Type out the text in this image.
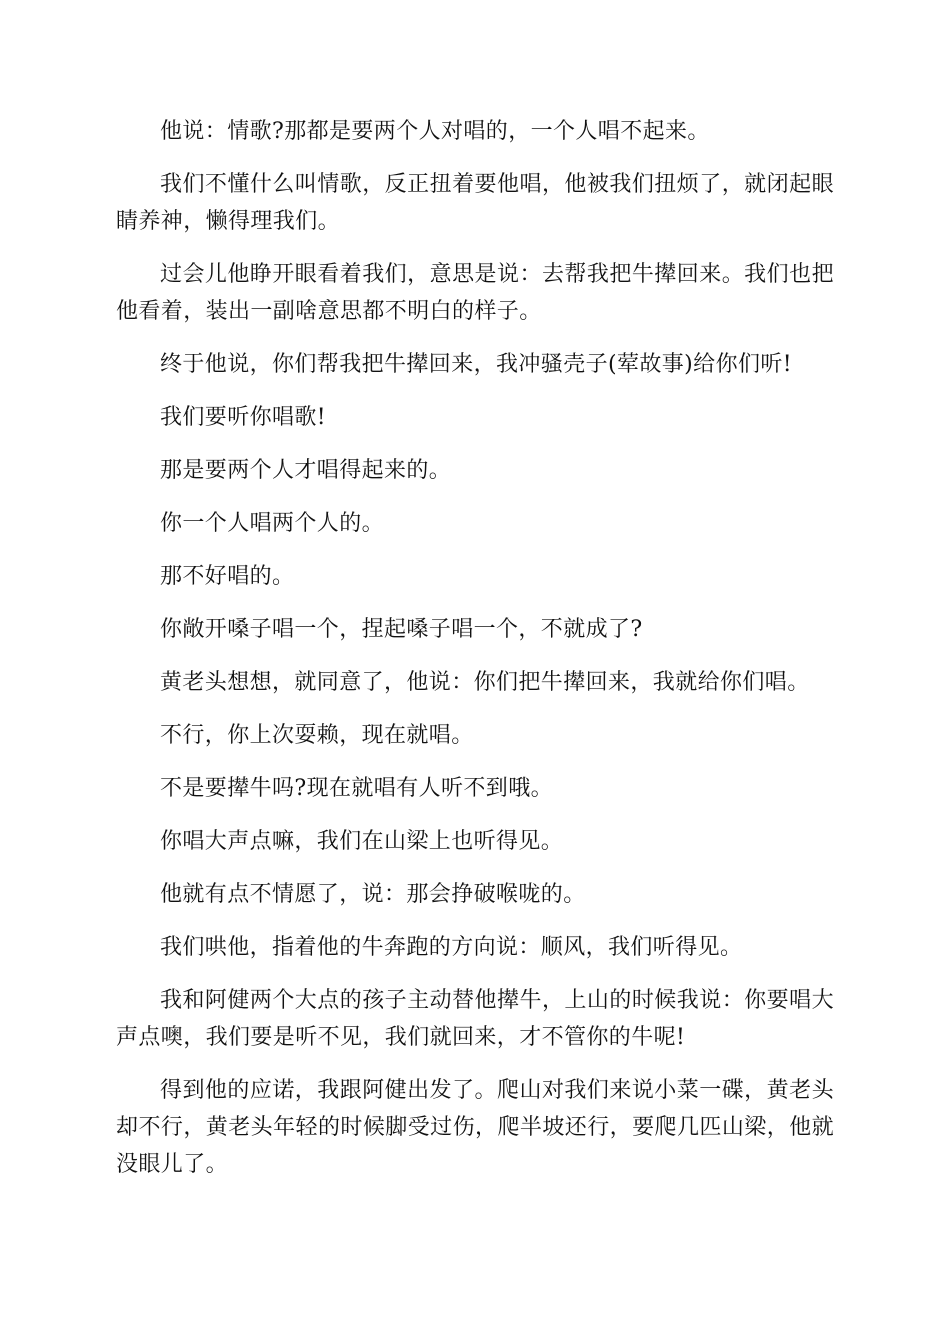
他说：情歌?那都是要两个人对唱的，一个人唱不起来。

我们不懂什么叫情歌，反正扭着要他唱，他被我们扭烦了，就闭起眼睛养神，懒得理我们。

过会儿他睁开眼看着我们，意思是说：去帮我把牛撵回来。我们也把他看着，装出一副啥意思都不明白的样子。

终于他说，你们帮我把牛撵回来，我冲骚壳子(荤故事)给你们听!

我们要听你唱歌!

那是要两个人才唱得起来的。

你一个人唱两个人的。

那不好唱的。

你敞开嗓子唱一个，捏起嗓子唱一个，不就成了?

黄老头想想，就同意了，他说：你们把牛撵回来，我就给你们唱。

不行，你上次耍赖，现在就唱。

不是要撵牛吗?现在就唱有人听不到哦。

你唱大声点嘛，我们在山梁上也听得见。

他就有点不情愿了，说：那会挣破喉咙的。

我们哄他，指着他的牛奔跑的方向说：顺风，我们听得见。

我和阿健两个大点的孩子主动替他撵牛，上山的时候我说：你要唱大声点噢，我们要是听不见，我们就回来，才不管你的牛呢!

得到他的应诺，我跟阿健出发了。爬山对我们来说小菜一碟，黄老头却不行，黄老头年轻的时候脚受过伤，爬半坡还行，要爬几匹山梁，他就没眼儿了。
